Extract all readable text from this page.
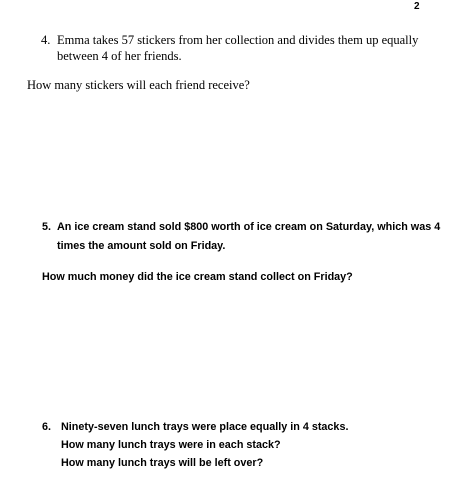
2
4. Emma takes 57 stickers from her collection and divides them up equally
between 4 of her friends.
How many stickers will each friend receive?
5. An ice cream stand sold $800 worth of ice cream on Saturday, which was 4
times the amount sold on Friday.
How much money did the ice cream stand collect on Friday?
6. Ninety-seven lunch trays were place equally in 4 stacks.
How many lunch trays were in each stack?
How many lunch trays will be left over?
